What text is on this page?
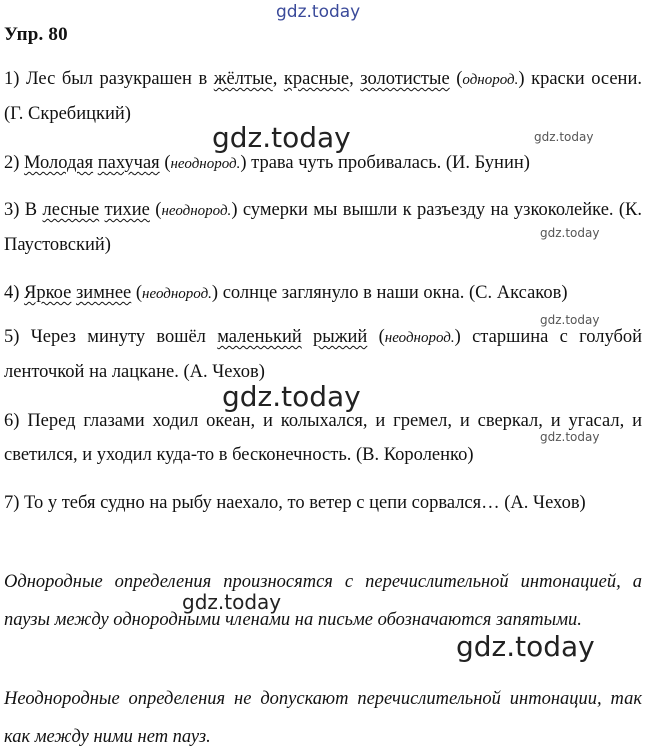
gdz.today
Упр. 80
1) Лес был разукрашен в жёлтые, красные, золотистые (однород.) краски осени. (Г. Скребицкий)
gdz.today	gdz.today
2) Молодая пахучая (неоднород.) трава чуть пробивалась. (И. Бунин)
3) В лесные тихие (неоднород.) сумерки мы вышли к разъезду на узкоколейке. (К. Паустовский)
gdz.today
4) Яркое зимнее (неоднород.) солнце заглянуло в наши окна. (С. Аксаков)
gdz.today
5) Через минуту вошёл маленький рыжий (неоднород.) старшина с голубой ленточкой на лацкане. (А. Чехов)
gdz.today
6) Перед глазами ходил океан, и колыхался, и гремел, и сверкал, и угасал, и светился, и уходил куда-то в бесконечность. (В. Короленко)
gdz.today
7) То у тебя судно на рыбу наехало, то ветер с цепи сорвался… (А. Чехов)
Однородные определения произносятся с перечислительной интонацией, а паузы между однородными членами на письме обозначаются запятыми.
gdz.today
gdz.today
Неоднородные определения не допускают перечислительной интонации, так как между ними нет пауз.
